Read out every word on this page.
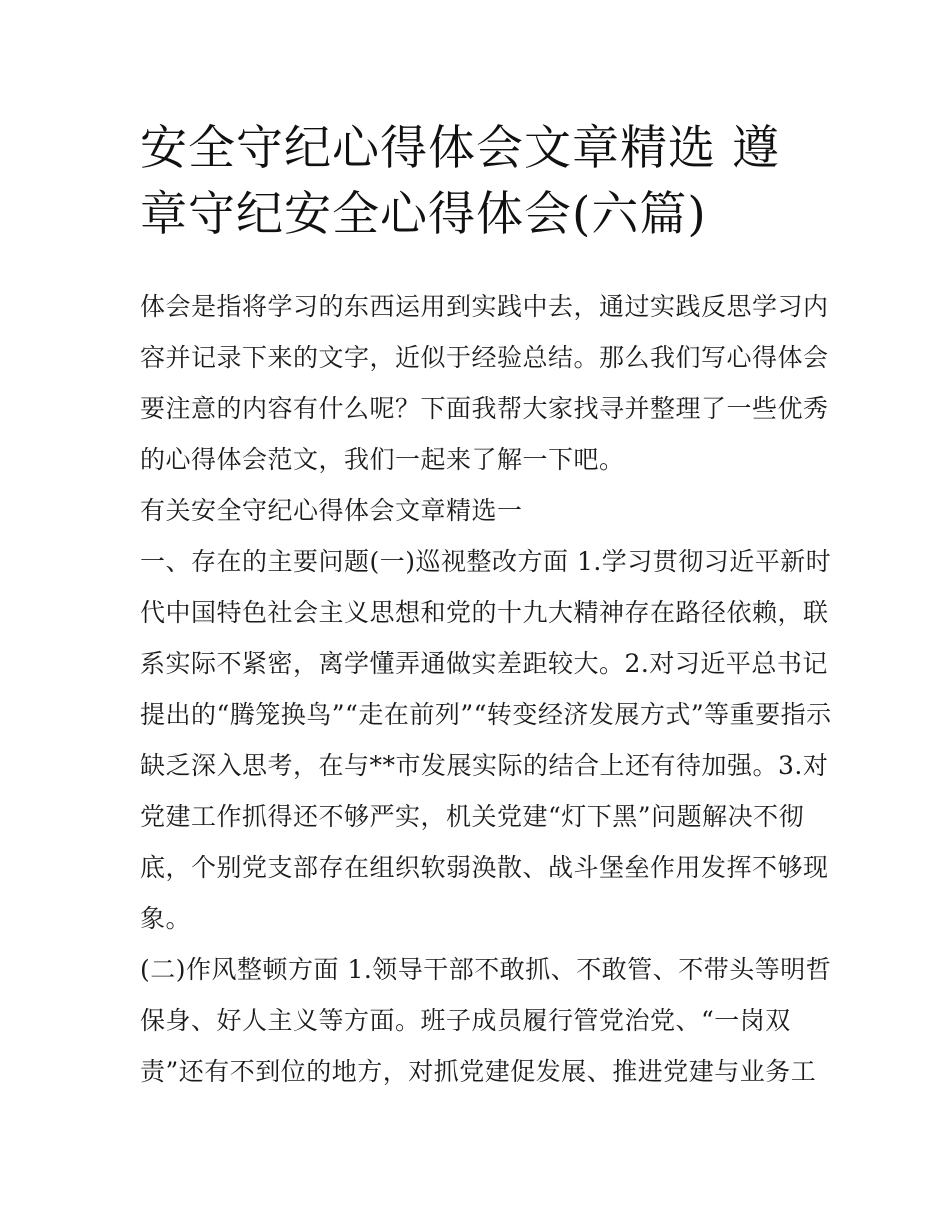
安全守纪心得体会文章精选 遵
章守纪安全心得体会(六篇)
体会是指将学习的东西运用到实践中去，通过实践反思学习内
容并记录下来的文字，近似于经验总结。那么我们写心得体会
要注意的内容有什么呢？下面我帮大家找寻并整理了一些优秀
的心得体会范文，我们一起来了解一下吧。
有关安全守纪心得体会文章精选一
一、存在的主要问题(一)巡视整改方面 1.学习贯彻习近平新时
代中国特色社会主义思想和党的十九大精神存在路径依赖，联
系实际不紧密，离学懂弄通做实差距较大。2.对习近平总书记
提出的“腾笼换鸟”“走在前列”“转变经济发展方式”等重要指示
缺乏深入思考，在与**市发展实际的结合上还有待加强。3.对
党建工作抓得还不够严实，机关党建“灯下黑”问题解决不彻
底，个别党支部存在组织软弱涣散、战斗堡垒作用发挥不够现
象。
(二)作风整顿方面 1.领导干部不敢抓、不敢管、不带头等明哲
保身、好人主义等方面。班子成员履行管党治党、“一岗双
责”还有不到位的地方，对抓党建促发展、推进党建与业务工
